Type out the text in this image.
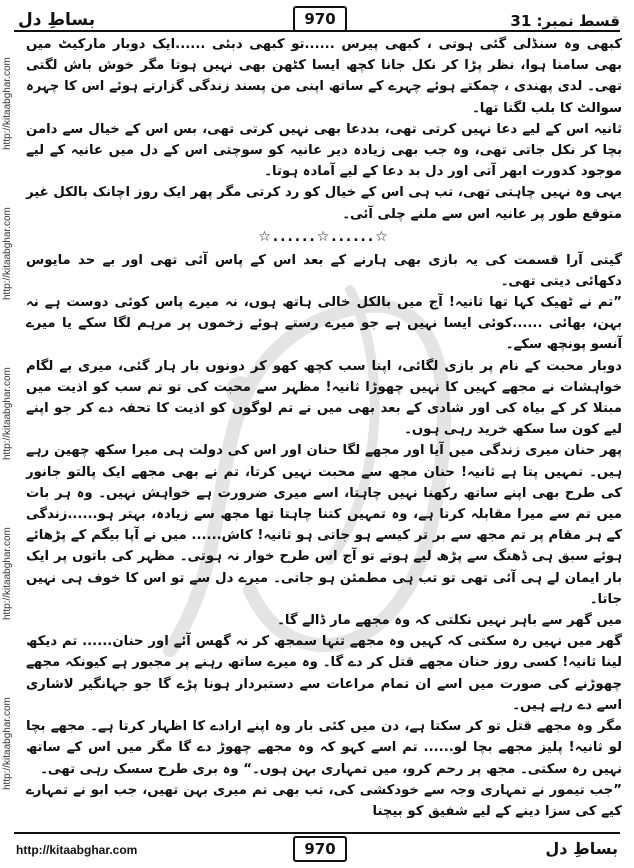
بساطِ دل	970	قسط نمبر: 31
http://kitaabghar.com
http://kitaabghar.com
http://kitaabghar.com
http://kitaabghar.com
http://kitaabghar.com

کبھی وہ سنڈلی گئی ہوتی ، کبھی پیرس ......تو کبھی دبئی ......ایک دوبار مارکیٹ میں بھی سامنا ہوا، نظر پڑا کر نکل جانا کچھ ایسا کٹھن بھی نہیں ہوتا مگر خوش باش لگتی تھی۔ لدی پھندی ، چمکتے ہوئے چہرے کے ساتھ اپنی من پسند زندگی گزارتے ہوئے اس کا چہرہ سوالٹ کا بلب لگتا تھا۔

ثانیہ اس کے لیے دعا نہیں کرتی تھی، بددعا بھی نہیں کرتی تھی، بس اس کے خیال سے دامن بچا کر نکل جاتی تھی، وہ جب بھی زیادہ دیر عانیہ کو سوچتی اس کے دل میں عانیہ کے لیے موجود کدورت ابھر آتی اور دل بد دعا کے لیے آمادہ ہوتا۔

یہی وہ نہیں چاہتی تھی، تب ہی اس کے خیال کو رد کرتی مگر پھر ایک روز اچانک بالکل غیر متوقع طور پر عانیہ اس سے ملنے چلی آئی۔

☆......☆......☆

گیتی آرا قسمت کی یہ بازی بھی ہارنے کے بعد اس کے پاس آئی تھی اور بے حد مایوس دکھائی دیتی تھی۔

”تم نے ٹھیک کہا تھا ثانیہ! آج میں بالکل خالی ہاتھ ہوں، نہ میرے پاس کوئی دوست ہے نہ بہن، بھائی ......کوئی ایسا نہیں ہے جو میرے رستے ہوئے زخموں پر مرہم لگا سکے یا میرے آنسو پونچھ سکے۔

دوبار محبت کے نام پر بازی لگائی، اپنا سب کچھ کھو کر دونوں بار ہار گئی، میری بے لگام خواہشات نے مجھے کہیں کا نہیں چھوڑا ثانیہ! مظہر سے محبت کی تو تم سب کو اذیت میں مبتلا کر کے بیاہ کی اور شادی کے بعد بھی میں نے تم لوگوں کو اذیت کا تحفہ دے کر جو اپنے لیے کون سا سکھ خرید رہی ہوں۔

پھر حنان میری زندگی میں آیا اور مجھے لگا حنان اور اس کی دولت ہی میرا سکھ چھین رہے ہیں۔ تمہیں پتا ہے ثانیہ! حنان مجھ سے محبت نہیں کرتا، تم نے بھی مجھے ایک پالتو جانور کی طرح بھی اپنے ساتھ رکھنا نہیں چاہتا، اسے میری ضرورت ہے خواہش نہیں۔ وہ ہر بات میں تم سے میرا مقابلہ کرتا ہے، وہ تمہیں کتنا چاہتا تھا مجھ سے زیادہ، بہتر ہو......زندگی کے ہر مقام پر تم مجھ سے بر تر کیسے ہو جاتی ہو ثانیہ! کاش...... میں نے آپا بیگم کے پڑھائے ہوئے سبق ہی ڈھنگ سے پڑھ لیے ہوتے تو آج اس طرح خوار نہ ہوتی۔ مظہر کی باتوں پر ایک بار ایمان لے ہی آئی تھی تو تب ہی مطمئن ہو جاتی۔ میرے دل سے تو اس کا خوف ہی نہیں جاتا۔

میں گھر سے باہر نہیں نکلتی کہ وہ مجھے مار ڈالے گا۔

گھر میں نہیں رہ سکتی کہ کہیں وہ مجھے تنہا سمجھ کر نہ گھس آئے اور حنان...... تم دیکھ لینا ثانیہ! کسی روز حنان مجھے قتل کر دے گا۔ وہ میرے ساتھ رہنے پر مجبور ہے کیونکہ مجھے چھوڑنے کی صورت میں اسے ان تمام مراعات سے دستبردار ہونا پڑے گا جو جہانگیر لاشاری اسے دے رہے ہیں۔

مگر وہ مجھے قتل تو کر سکتا ہے، دن میں کئی بار وہ اپنے ارادے کا اظہار کرتا ہے۔ مجھے بچا لو ثانیہ! پلیز مجھے بچا لو...... تم اسے کہو کہ وہ مجھے چھوڑ دے گا مگر میں اس کے ساتھ نہیں رہ سکتی۔ مجھ پر رحم کرو، میں تمہاری بہن ہوں۔“ وہ بری طرح سسک رہی تھی۔

”جب تیمور نے تمہاری وجہ سے خودکشی کی، تب بھی تم میری بہن تھیں، جب ابو نے تمہارے کیے کی سزا دینے کے لیے شفیق کو بیچنا

http://kitaabghar.com	970	بساطِ دل
